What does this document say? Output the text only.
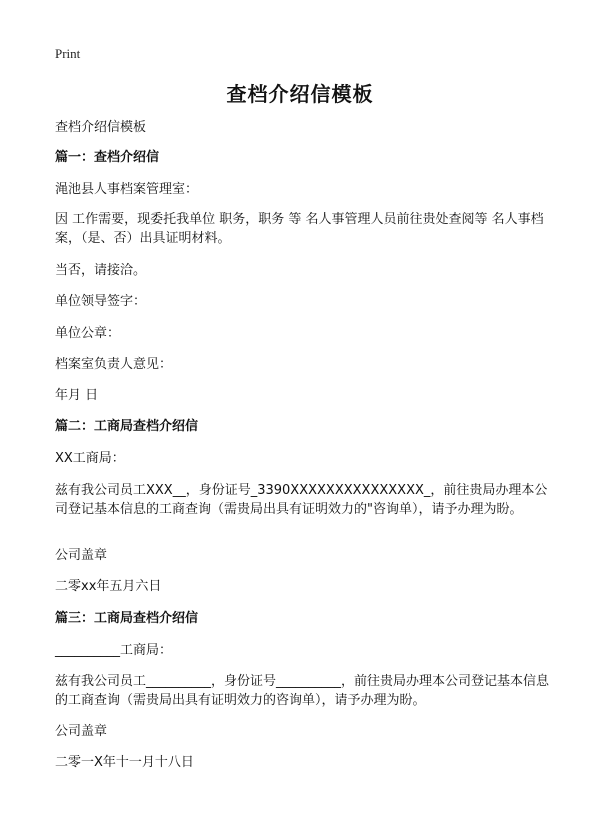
Print
查档介绍信模板
查档介绍信模板
篇一：查档介绍信
渑池县人事档案管理室：
因 工作需要，现委托我单位 职务，职务 等 名人事管理人员前往贵处查阅等 名人事档案，（是、否）出具证明材料。
当否，请接洽。
单位领导签字：
单位公章：
档案室负责人意见：
年月 日
篇二：工商局查档介绍信
XX工商局：
兹有我公司员工XXX__，身份证号_3390XXXXXXXXXXXXXXX_，前往贵局办理本公司登记基本信息的工商查询（需贵局出具有证明效力的"咨询单），请予办理为盼。
公司盖章
二零xx年五月六日
篇三：工商局查档介绍信
__________工商局：
兹有我公司员工__________，身份证号__________，前往贵局办理本公司登记基本信息的工商查询（需贵局出具有证明效力的咨询单），请予办理为盼。
公司盖章
二零一X年十一月十八日
